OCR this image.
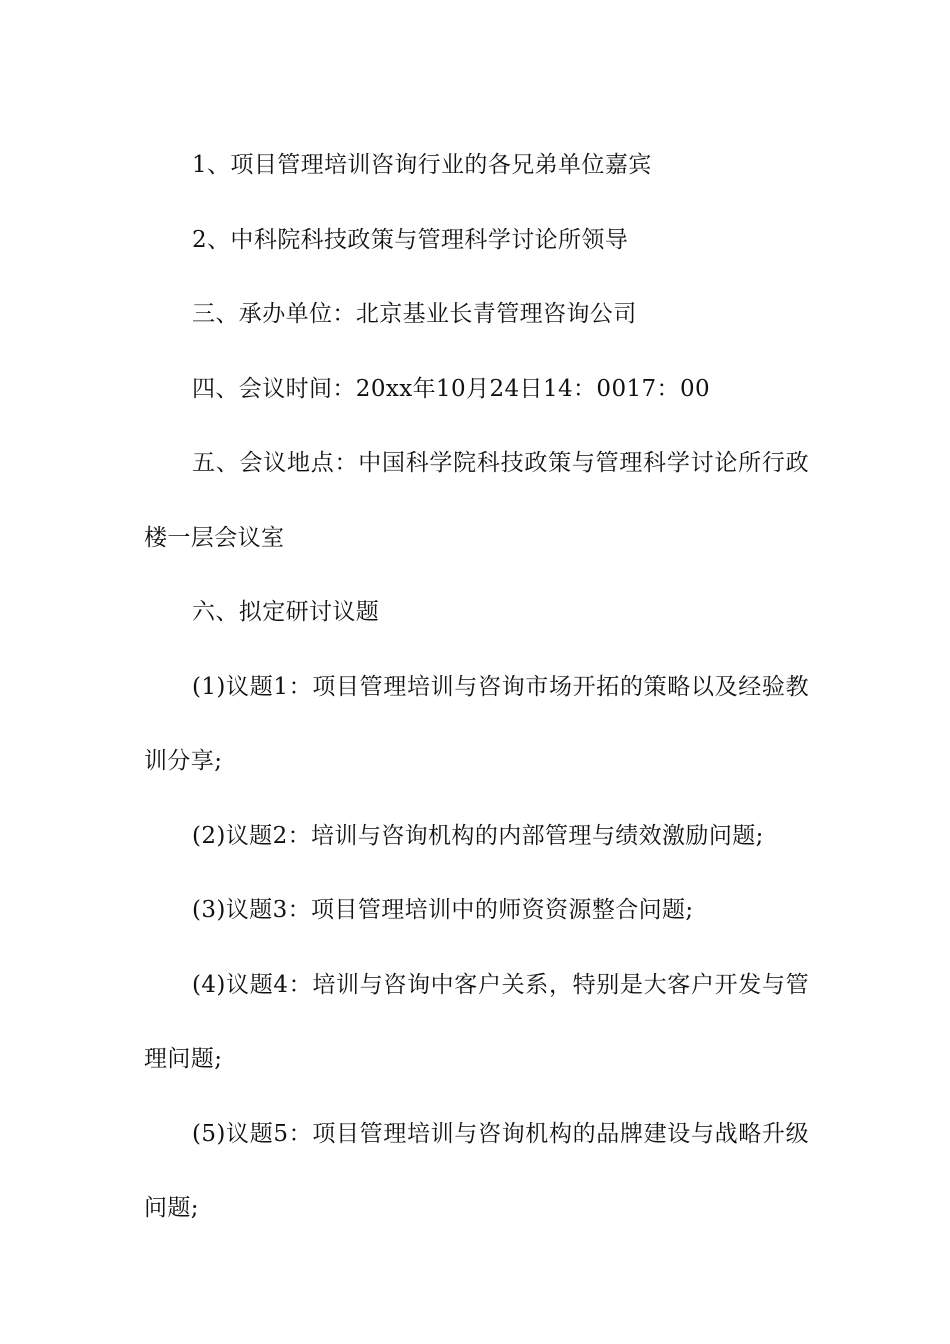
1、项目管理培训咨询行业的各兄弟单位嘉宾

2、中科院科技政策与管理科学讨论所领导

三、承办单位：北京基业长青管理咨询公司

四、会议时间：20xx年10月24日14：0017：00

五、会议地点：中国科学院科技政策与管理科学讨论所行政楼一层会议室

六、拟定研讨议题

(1)议题1：项目管理培训与咨询市场开拓的策略以及经验教训分享;

(2)议题2：培训与咨询机构的内部管理与绩效激励问题;

(3)议题3：项目管理培训中的师资资源整合问题;

(4)议题4：培训与咨询中客户关系，特别是大客户开发与管理问题;

(5)议题5：项目管理培训与咨询机构的品牌建设与战略升级问题;
